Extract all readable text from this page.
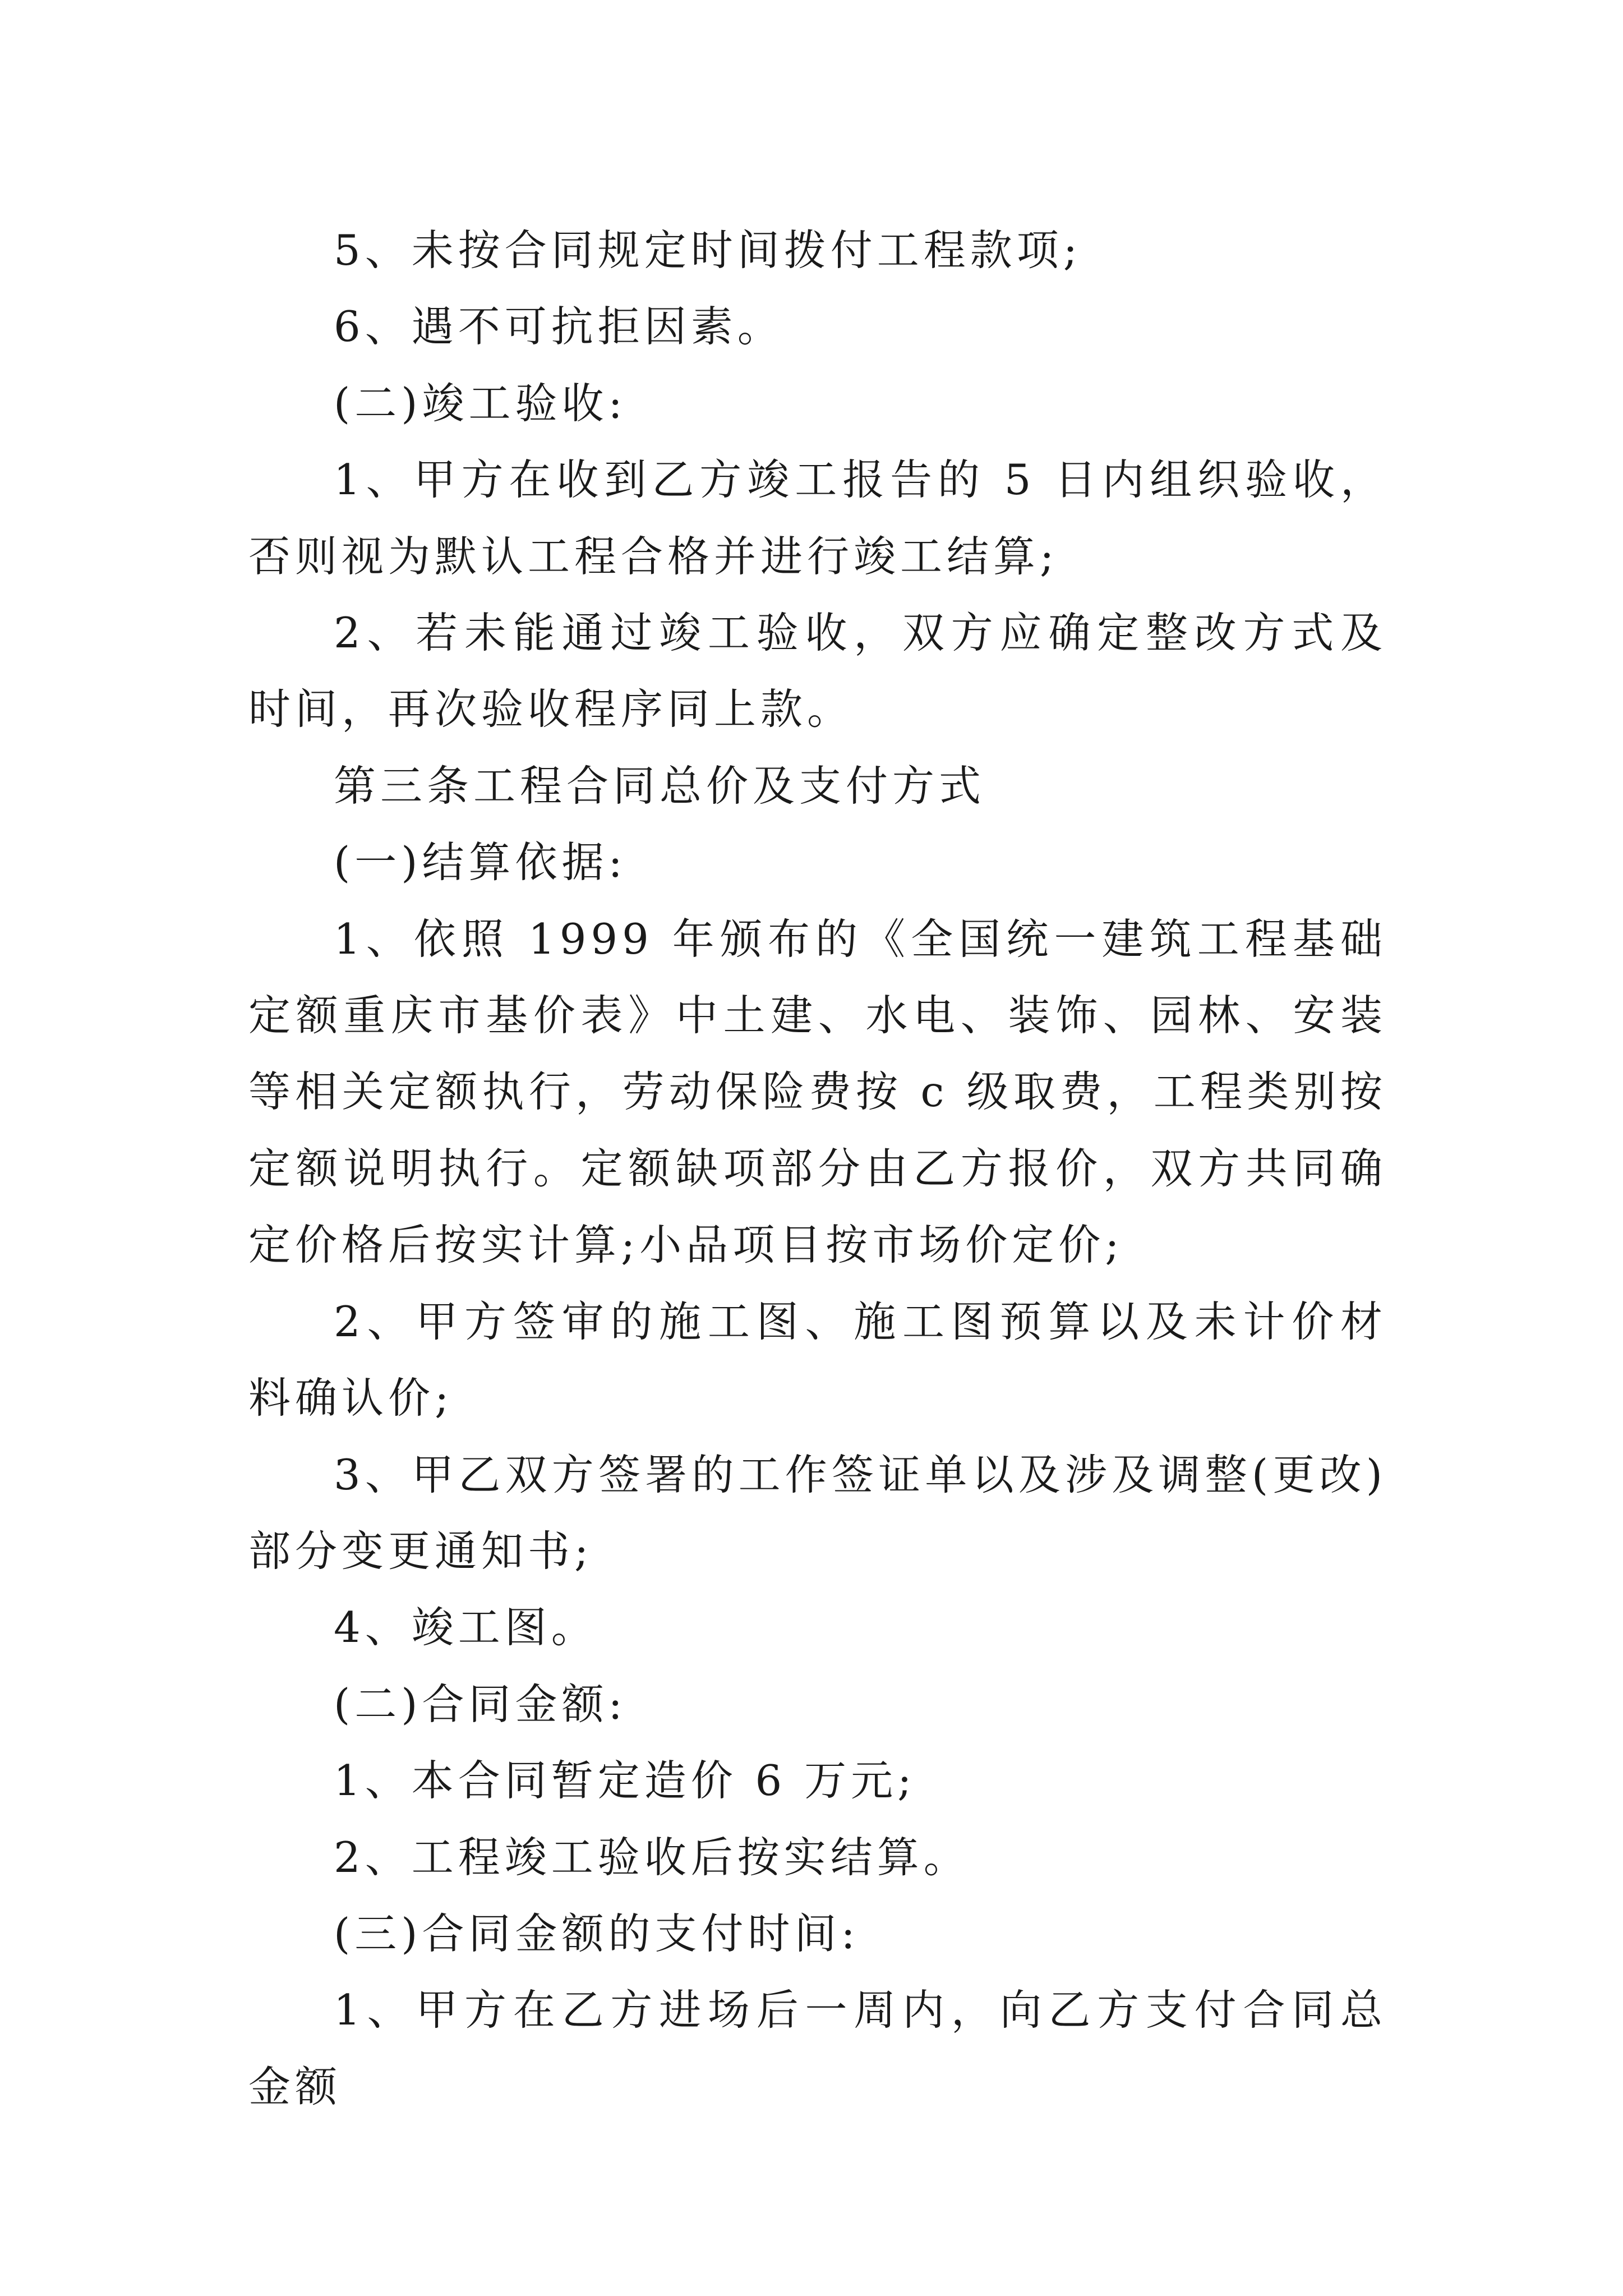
5、未按合同规定时间拨付工程款项;

6、遇不可抗拒因素。

(二)竣工验收:

1、甲方在收到乙方竣工报告的 5 日内组织验收，否则视为默认工程合格并进行竣工结算;

2、若未能通过竣工验收，双方应确定整改方式及时间，再次验收程序同上款。

第三条工程合同总价及支付方式

(一)结算依据:

1、依照 1999 年颁布的《全国统一建筑工程基础定额重庆市基价表》中土建、水电、装饰、园林、安装等相关定额执行，劳动保险费按 c 级取费，工程类别按定额说明执行。定额缺项部分由乙方报价，双方共同确定价格后按实计算;小品项目按市场价定价;

2、甲方签审的施工图、施工图预算以及未计价材料确认价;

3、甲乙双方签署的工作签证单以及涉及调整(更改)部分变更通知书;

4、竣工图。

(二)合同金额:

1、本合同暂定造价 6 万元;

2、工程竣工验收后按实结算。

(三)合同金额的支付时间:

1、甲方在乙方进场后一周内，向乙方支付合同总金额
